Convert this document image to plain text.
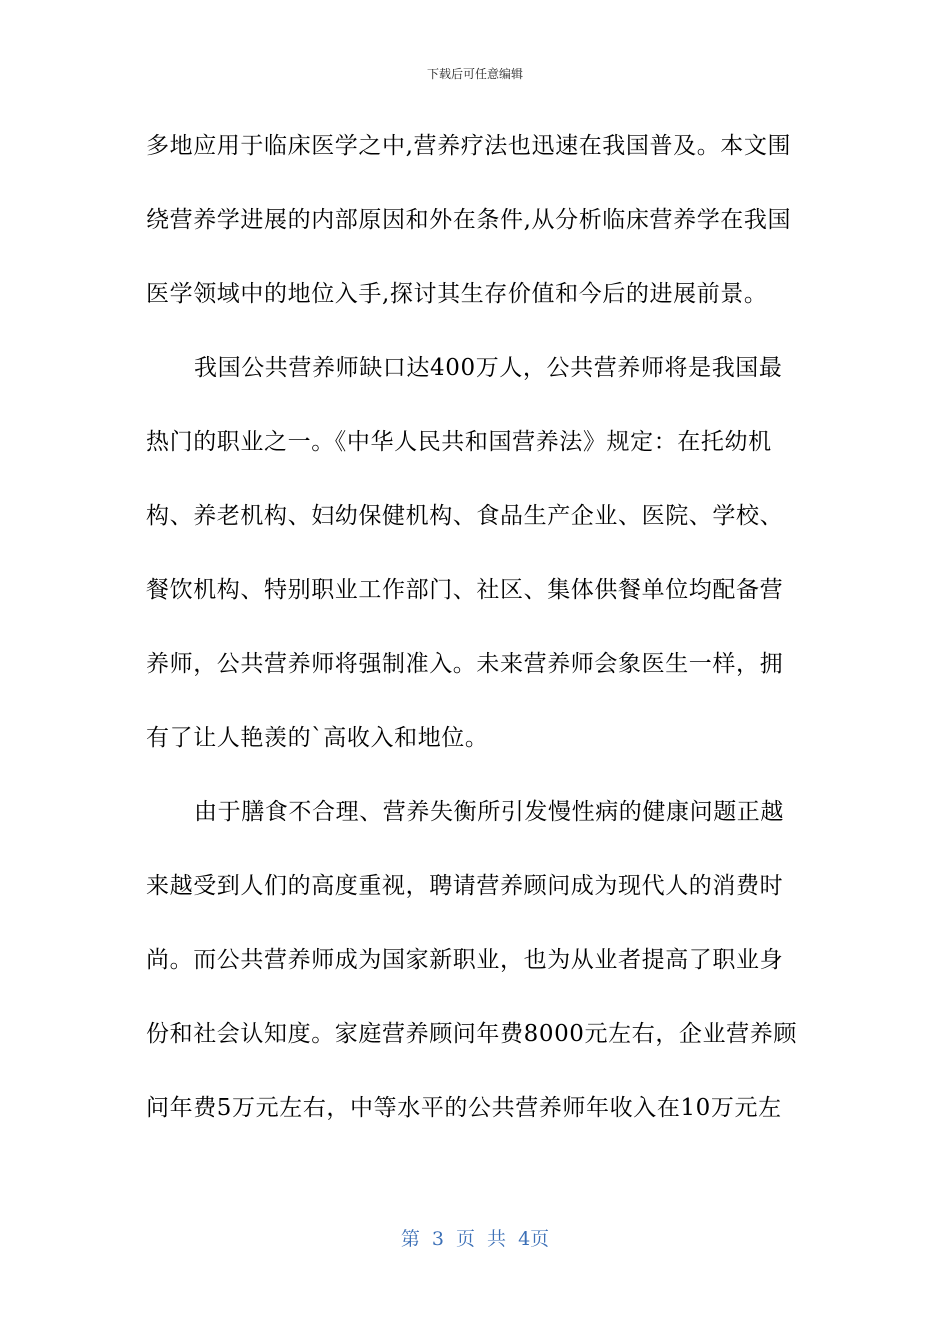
下载后可任意编辑
多地应用于临床医学之中,营养疗法也迅速在我国普及。本文围
绕营养学进展的内部原因和外在条件,从分析临床营养学在我国
医学领域中的地位入手,探讨其生存价值和今后的进展前景。
我国公共营养师缺口达400万人，公共营养师将是我国最
热门的职业之一。《中华人民共和国营养法》规定：在托幼机
构、养老机构、妇幼保健机构、食品生产企业、医院、学校、
餐饮机构、特别职业工作部门、社区、集体供餐单位均配备营
养师，公共营养师将强制准入。未来营养师会象医生一样，拥
有了让人艳羡的`高收入和地位。
由于膳食不合理、营养失衡所引发慢性病的健康问题正越
来越受到人们的高度重视，聘请营养顾问成为现代人的消费时
尚。而公共营养师成为国家新职业，也为从业者提高了职业身
份和社会认知度。家庭营养顾问年费8000元左右，企业营养顾
问年费5万元左右，中等水平的公共营养师年收入在10万元左
第 3 页 共 4页
